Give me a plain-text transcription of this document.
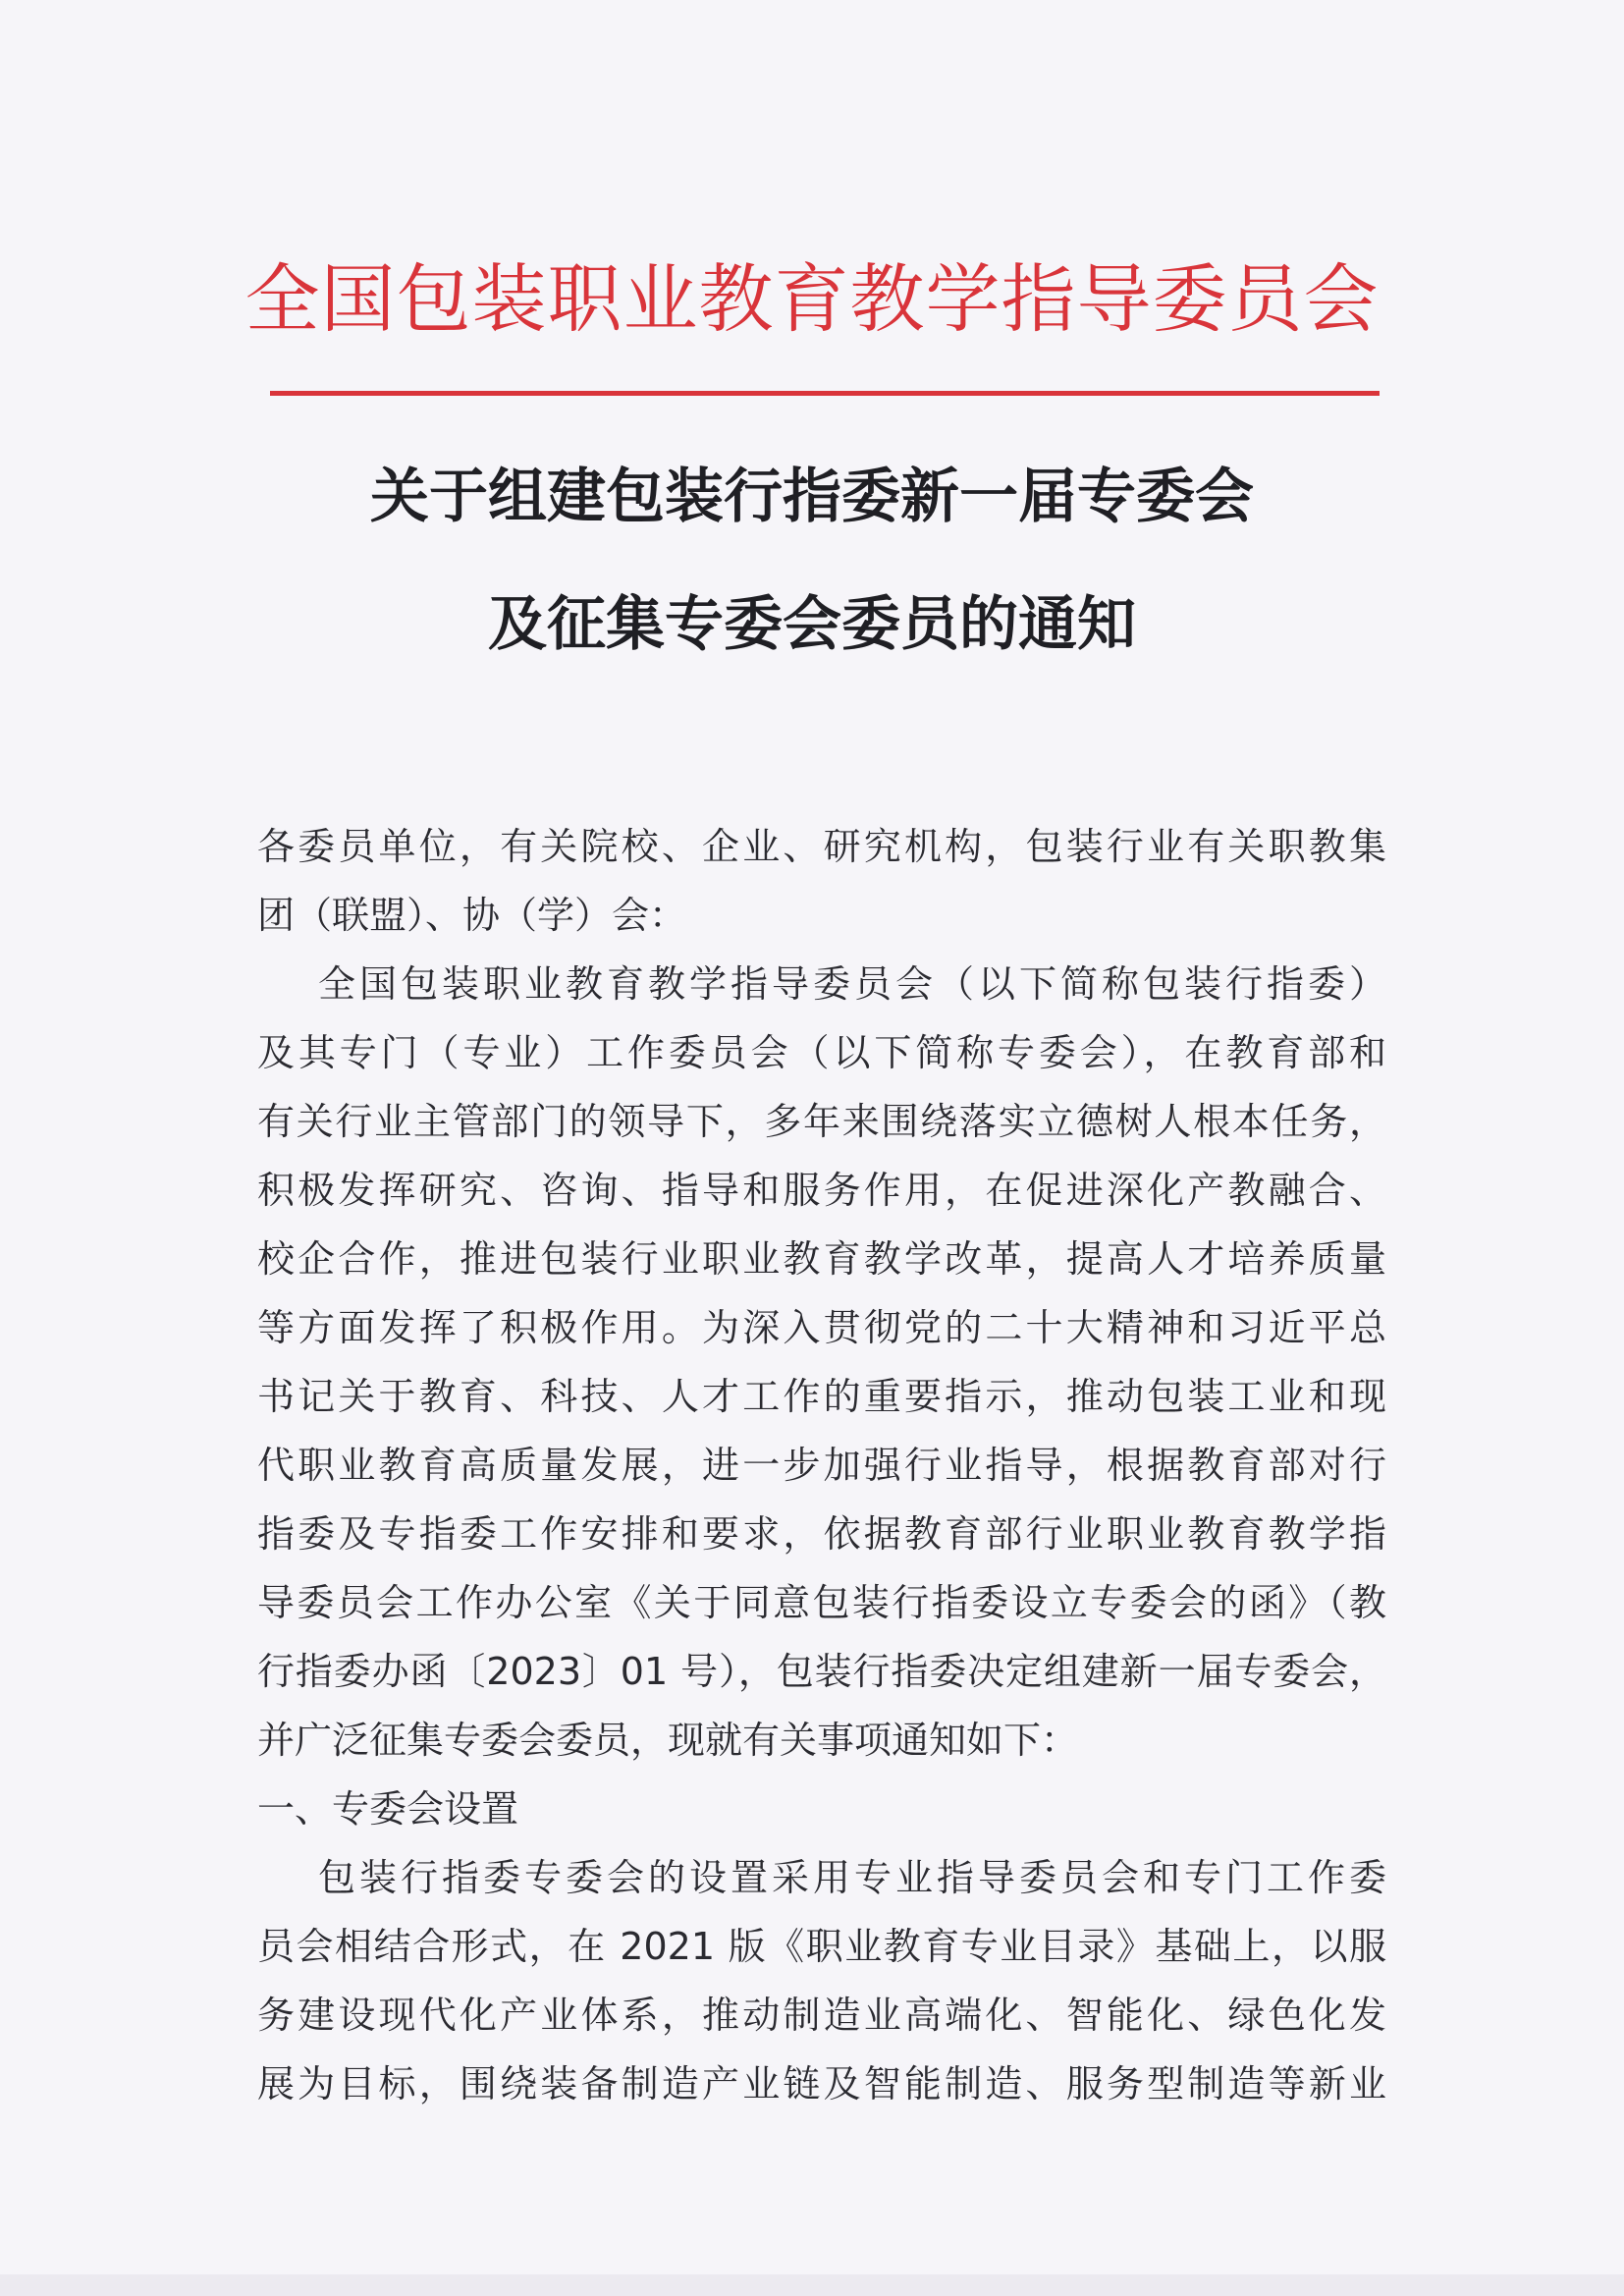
全国包装职业教育教学指导委员会
关于组建包装行指委新一届专委会
及征集专委会委员的通知
各委员单位，有关院校、企业、研究机构，包装行业有关职教集
团（联盟）、协（学）会：
全国包装职业教育教学指导委员会（以下简称包装行指委）
及其专门（专业）工作委员会（以下简称专委会），在教育部和
有关行业主管部门的领导下，多年来围绕落实立德树人根本任务，
积极发挥研究、咨询、指导和服务作用，在促进深化产教融合、
校企合作，推进包装行业职业教育教学改革，提高人才培养质量
等方面发挥了积极作用。为深入贯彻党的二十大精神和习近平总
书记关于教育、科技、人才工作的重要指示，推动包装工业和现
代职业教育高质量发展，进一步加强行业指导，根据教育部对行
指委及专指委工作安排和要求，依据教育部行业职业教育教学指
导委员会工作办公室《关于同意包装行指委设立专委会的函》（教
行指委办函〔2023〕01 号），包装行指委决定组建新一届专委会，
并广泛征集专委会委员，现就有关事项通知如下：
一、专委会设置
包装行指委专委会的设置采用专业指导委员会和专门工作委
员会相结合形式，在 2021 版《职业教育专业目录》基础上，以服
务建设现代化产业体系，推动制造业高端化、智能化、绿色化发
展为目标，围绕装备制造产业链及智能制造、服务型制造等新业
